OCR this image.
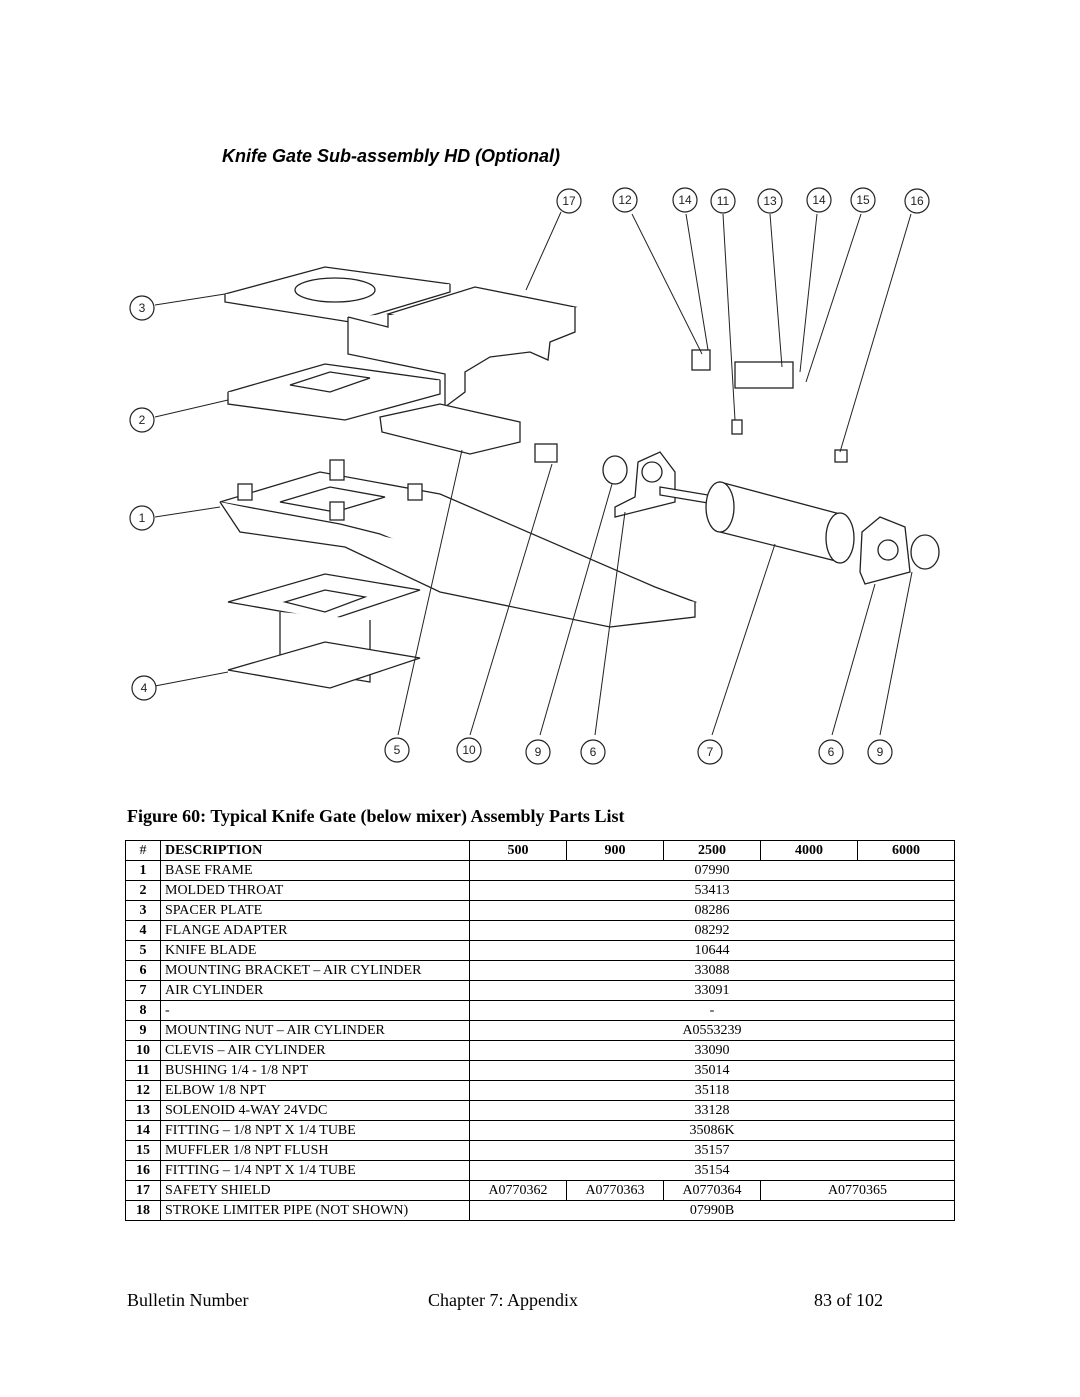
Knife Gate Sub-assembly HD (Optional)
17	12	14 11	13	14	15	16
3
2
1
4
5	10	9	6	7	6	9
Figure 60: Typical Knife Gate (below mixer) Assembly Parts List
#	DESCRIPTION	500	900	2500	4000	6000
1	BASE FRAME	07990				
2	MOLDED THROAT	53413				
3	SPACER PLATE	08286				
4	FLANGE ADAPTER	08292				
5	KNIFE BLADE	10644				
6	MOUNTING BRACKET – AIR CYLINDER	33088				
7	AIR CYLINDER	33091				
8	-	-				
9	MOUNTING NUT – AIR CYLINDER	A0553239				
10	CLEVIS – AIR CYLINDER	33090				
11	BUSHING 1/4 - 1/8 NPT	35014				
12	ELBOW 1/8 NPT	35118				
13	SOLENOID 4-WAY 24VDC	33128				
14	FITTING – 1/8 NPT X 1/4 TUBE	35086K				
15	MUFFLER 1/8 NPT FLUSH	35157				
16	FITTING – 1/4 NPT X 1/4 TUBE	35154				
17	SAFETY SHIELD	A0770362	A0770363	A0770364	A0770365	
18	STROKE LIMITER PIPE (NOT SHOWN)	07990B				
Bulletin Number	Chapter 7: Appendix	83 of 102
